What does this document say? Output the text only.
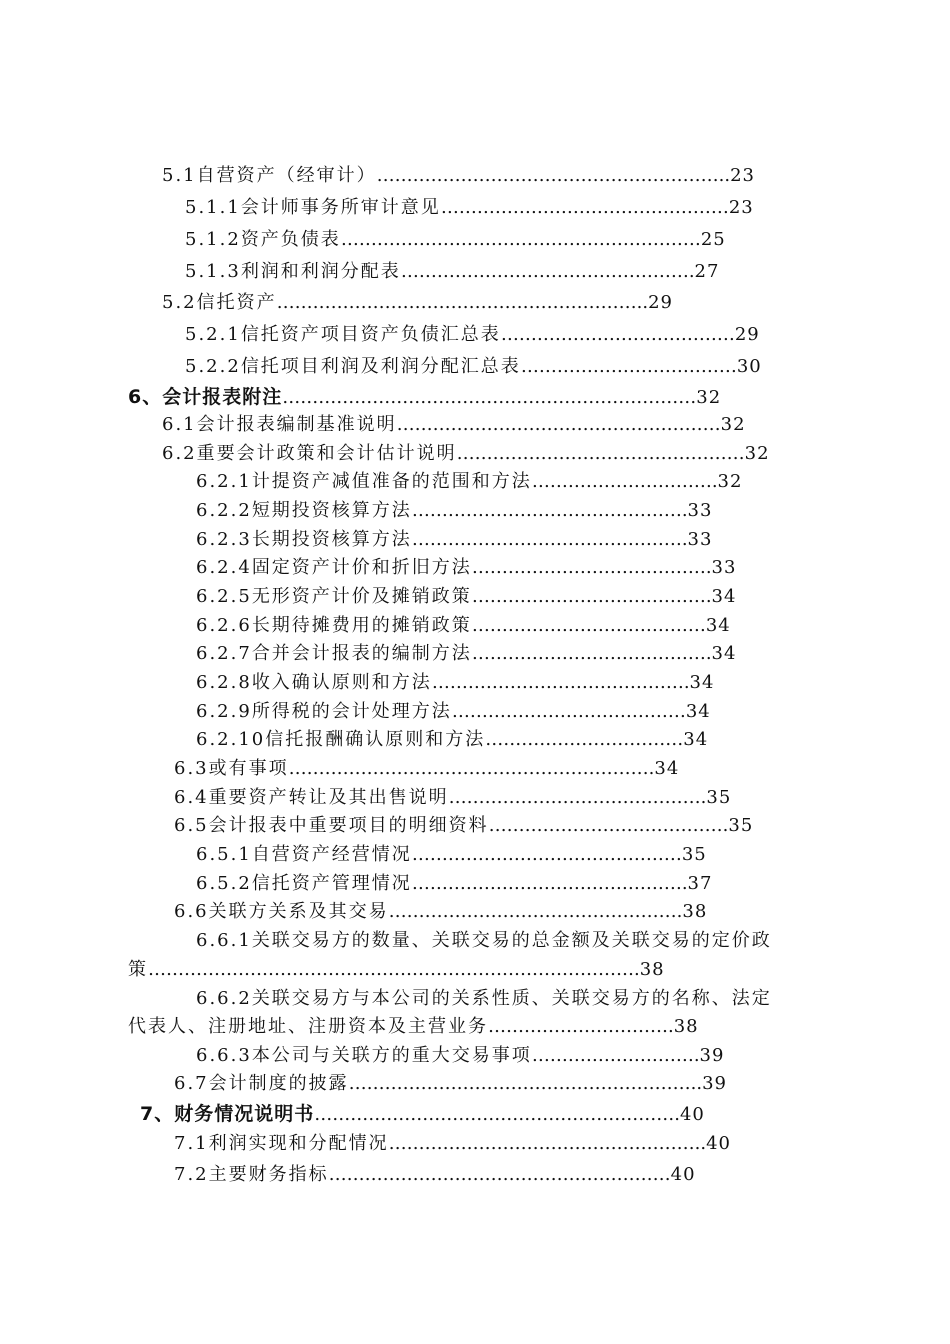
5.1自营资产（经审计）…………………………………………………..23
5.1.1会计师事务所审计意见…………………………………………23
5.1.2资产负债表……………………………………………………25
5.1.3利润和利润分配表………………………………………….27
5.2信托资产……………………………………………………..29
5.2.1信托资产项目资产负债汇总表…………………………………29
5.2.2信托项目利润及利润分配汇总表………………………………30
6、会计报表附注……………………………………………………………32
6.1会计报表编制基准说明………………………………………………32
6.2重要会计政策和会计估计说明…………………………………………32
6.2.1计提资产减值准备的范围和方法………………………….32
6.2.2短期投资核算方法……………………………………….33
6.2.3长期投资核算方法……………………………………….33
6.2.4固定资产计价和折旧方法………………………………….33
6.2.5无形资产计价及摊销政策………………………………….34
6.2.6长期待摊费用的摊销政策…………………………………34
6.2.7合并会计报表的编制方法………………………………….34
6.2.8收入确认原则和方法…………………………………….34
6.2.9所得税的会计处理方法…………………………………34
6.2.10信托报酬确认原则和方法……………………………34
6.3或有事项…………………………………………………….34
6.4重要资产转让及其出售说明…………………………………….35
6.5会计报表中重要项目的明细资料………………………………….35
6.5.1自营资产经营情况………………………………………35
6.5.2信托资产管理情况……………………………………….37
6.6关联方关系及其交易………………………………………….38
6.6.1关联交易方的数量、关联交易的总金额及关联交易的定价政
策……………………………………………………………………….38
6.6.2关联交易方与本公司的关系性质、关联交易方的名称、法定
代表人、注册地址、注册资本及主营业务………………………….38
6.6.3本公司与关联方的重大交易事项……………………….39
6.7会计制度的披露…………………………………………………..39
7、财务情况说明书…………………………………………………….40
7.1利润实现和分配情况……………………………………………..40
7.2主要财务指标…………………………………………………40
